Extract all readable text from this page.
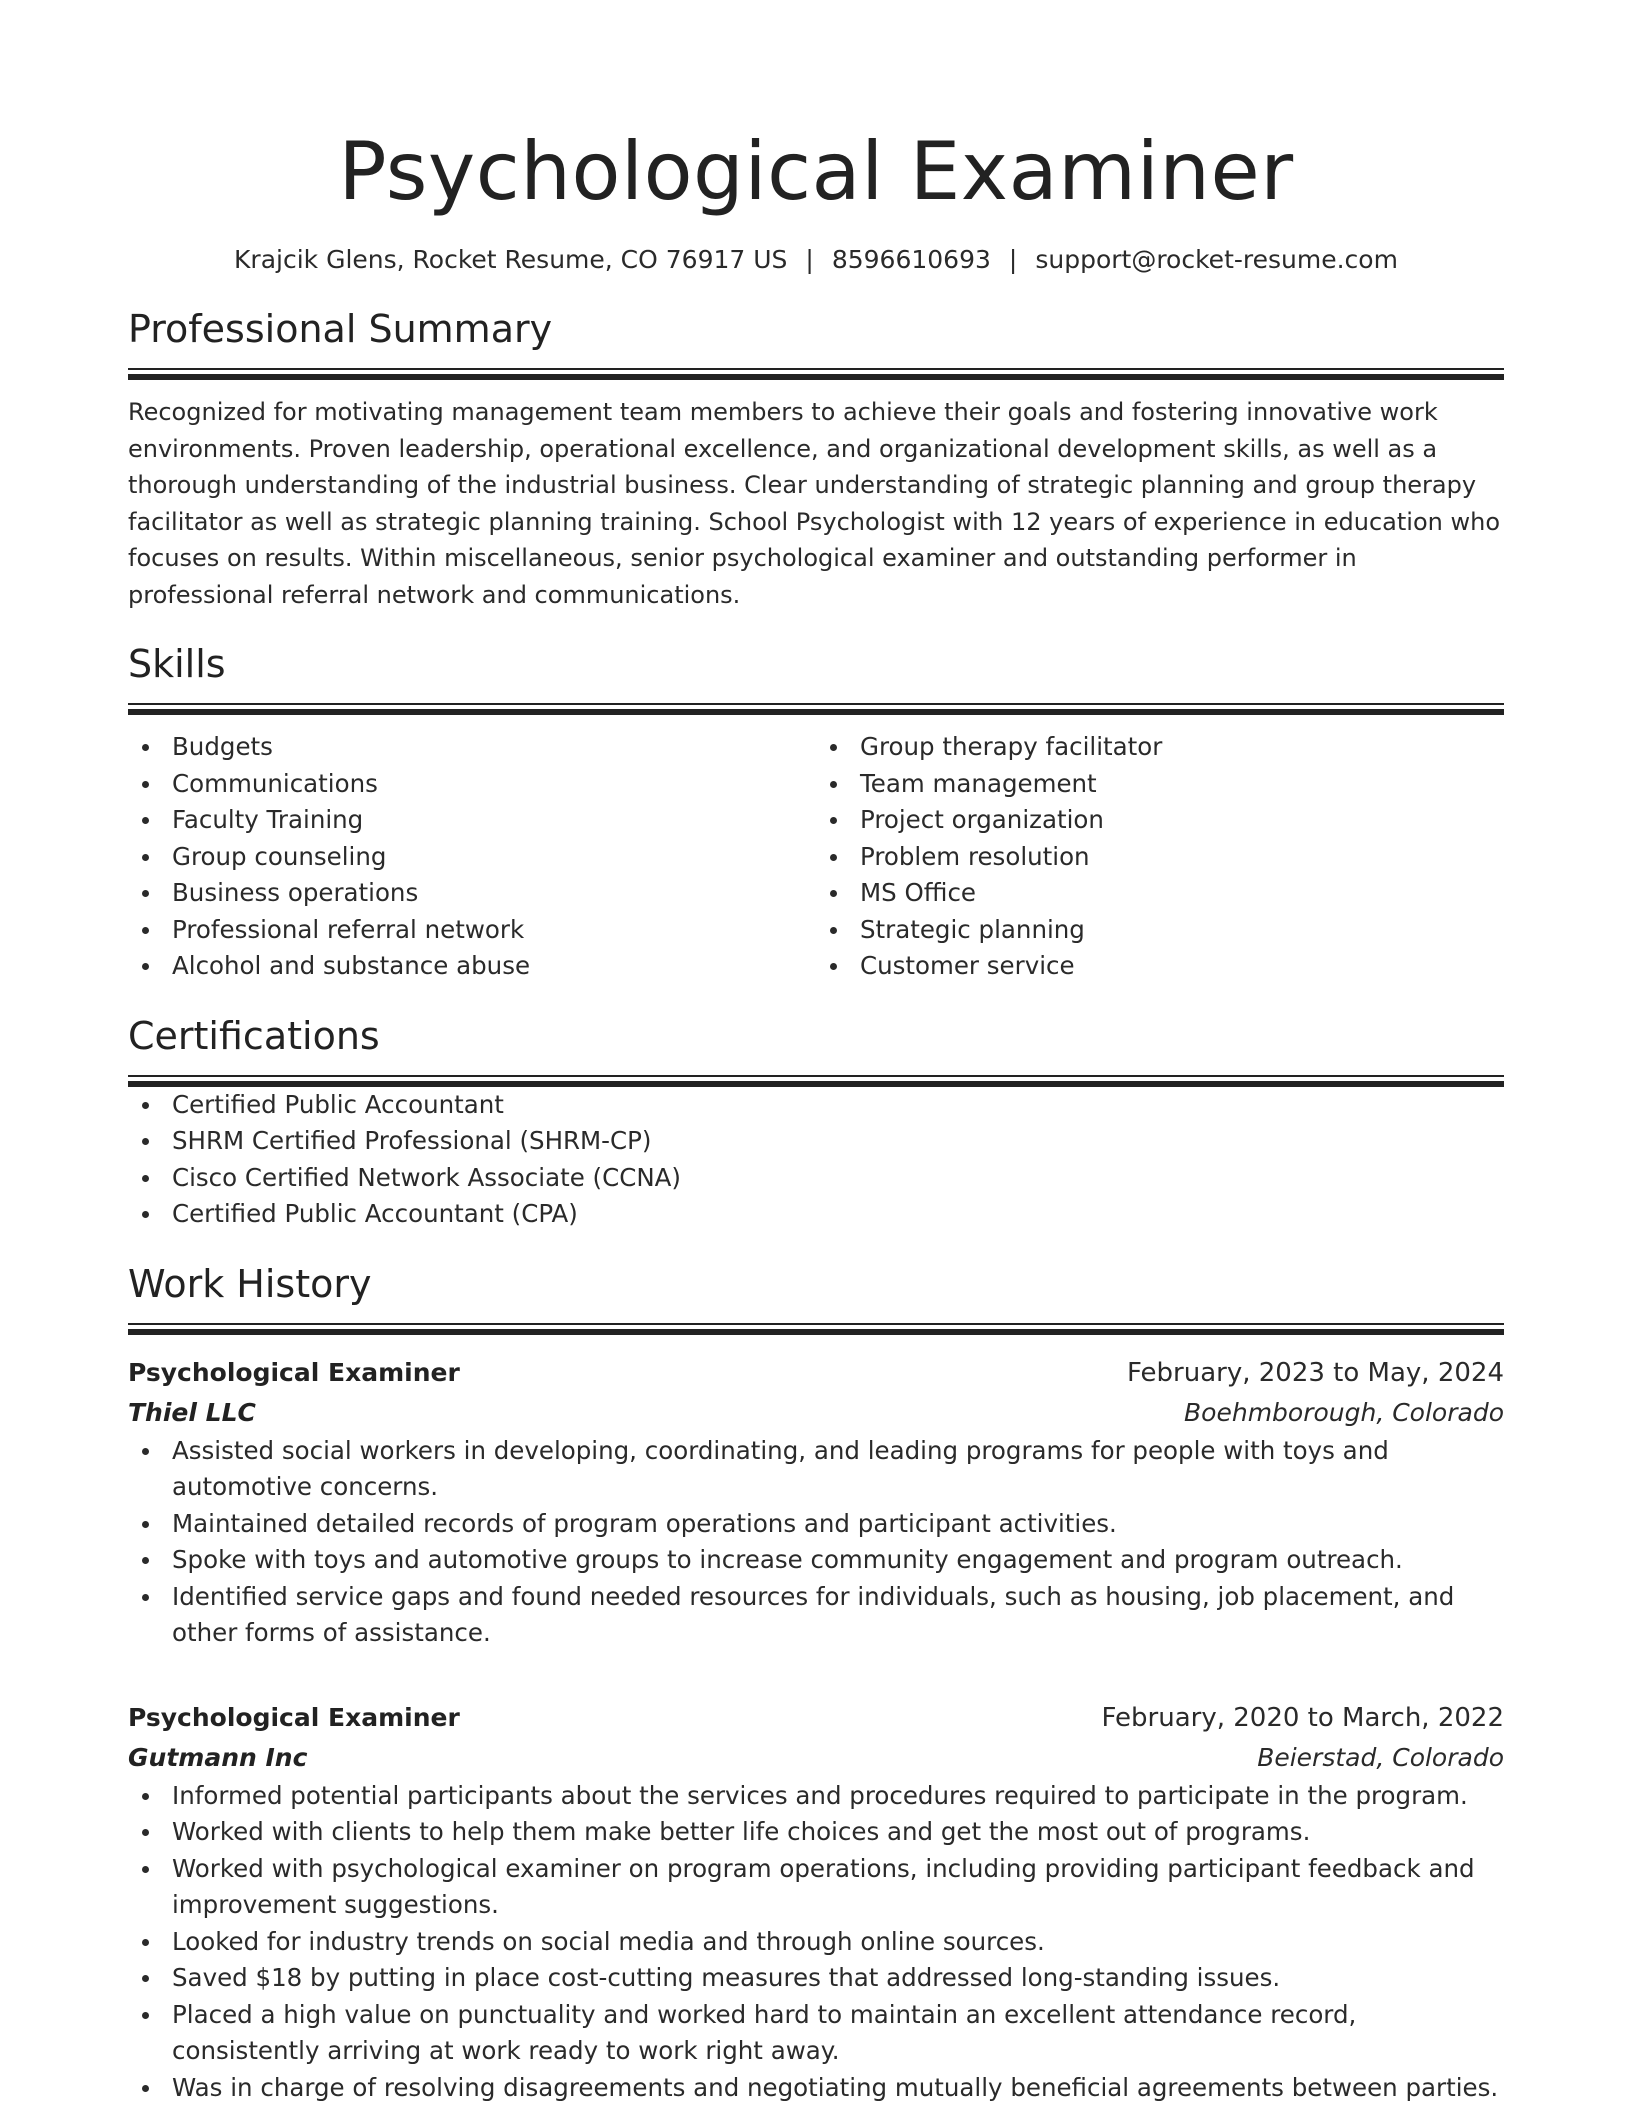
Psychological Examiner
Krajcik Glens, Rocket Resume, CO 76917 US | 8596610693 | support@rocket-resume.com
Professional Summary

Recognized for motivating management team members to achieve their goals and fostering innovative work environments. Proven leadership, operational excellence, and organizational development skills, as well as a thorough understanding of the industrial business. Clear understanding of strategic planning and group therapy facilitator as well as strategic planning training. School Psychologist with 12 years of experience in education who focuses on results. Within miscellaneous, senior psychological examiner and outstanding performer in professional referral network and communications.

Skills
Budgets
Communications
Faculty Training
Group counseling
Business operations
Professional referral network
Alcohol and substance abuse
Group therapy facilitator
Team management
Project organization
Problem resolution
MS Office
Strategic planning
Customer service
Certifications
Certified Public Accountant
SHRM Certified Professional (SHRM-CP)
Cisco Certified Network Associate (CCNA)
Certified Public Accountant (CPA)
Work History
Psychological Examiner	February, 2023 to May, 2024
Thiel LLC	Boehmborough, Colorado
Assisted social workers in developing, coordinating, and leading programs for people with toys and automotive concerns.
Maintained detailed records of program operations and participant activities.
Spoke with toys and automotive groups to increase community engagement and program outreach.
Identified service gaps and found needed resources for individuals, such as housing, job placement, and other forms of assistance.
Psychological Examiner	February, 2020 to March, 2022
Gutmann Inc	Beierstad, Colorado
Informed potential participants about the services and procedures required to participate in the program.
Worked with clients to help them make better life choices and get the most out of programs.
Worked with psychological examiner on program operations, including providing participant feedback and improvement suggestions.
Looked for industry trends on social media and through online sources.
Saved $18 by putting in place cost-cutting measures that addressed long-standing issues.
Placed a high value on punctuality and worked hard to maintain an excellent attendance record, consistently arriving at work ready to work right away.
Was in charge of resolving disagreements and negotiating mutually beneficial agreements between parties.
